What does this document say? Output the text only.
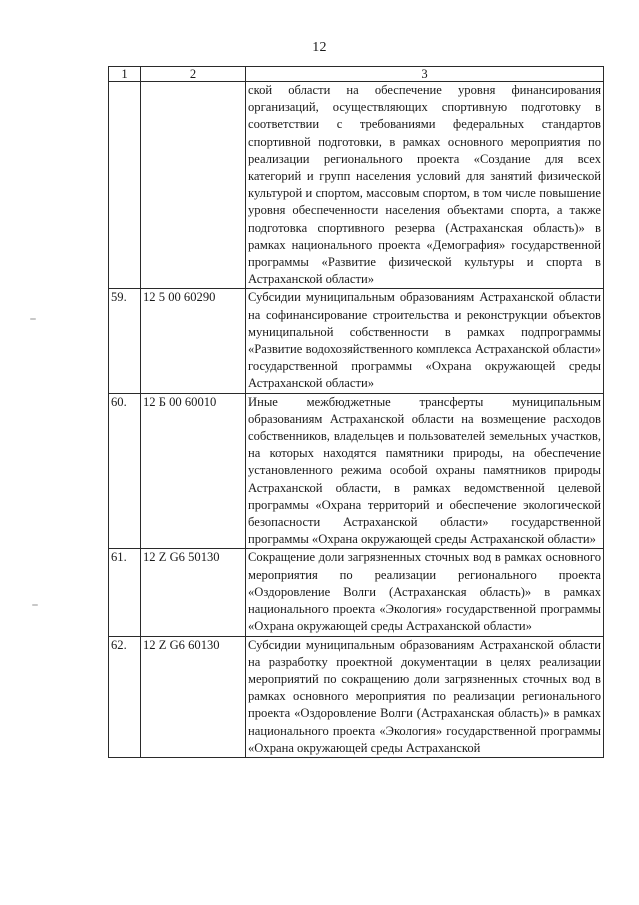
12
1	2	3
		ской области на обеспечение уровня финансирования организаций, осуществляющих спортивную подготовку в соответствии с требованиями федеральных стандартов спортивной подготовки, в рамках основного мероприятия по реализации регионального проекта «Создание для всех категорий и групп населения условий для занятий физической культурой и спортом, массовым спортом, в том числе повышение уровня обеспеченности населения объектами спорта, а также подготовка спортивного резерва (Астраханская область)» в рамках национального проекта «Демография» государственной программы «Развитие физической культуры и спорта в Астраханской области»
59.	12 5 00 60290	Субсидии муниципальным образованиям Астраханской области на софинансирование строительства и реконструкции объектов муниципальной собственности в рамках подпрограммы «Развитие водохозяйственного комплекса Астраханской области» государственной программы «Охрана окружающей среды Астраханской области»
60.	12 Б 00 60010	Иные межбюджетные трансферты муниципальным образованиям Астраханской области на возмещение расходов собственников, владельцев и пользователей земельных участков, на которых находятся памятники природы, на обеспечение установленного режима особой охраны памятников природы Астраханской области, в рамках ведомственной целевой программы «Охрана территорий и обеспечение экологической безопасности Астраханской области» государственной программы «Охрана окружающей среды Астраханской области»
61.	12 Z G6 50130	Сокращение доли загрязненных сточных вод в рамках основного мероприятия по реализации регионального проекта «Оздоровление Волги (Астраханская область)» в рамках национального проекта «Экология» государственной программы «Охрана окружающей среды Астраханской области»
62.	12 Z G6 60130	Субсидии муниципальным образованиям Астраханской области на разработку проектной документации в целях реализации мероприятий по сокращению доли загрязненных сточных вод в рамках основного мероприятия по реализации регионального проекта «Оздоровление Волги (Астраханская область)» в рамках национального проекта «Экология» государственной программы «Охрана окружающей среды Астраханской
